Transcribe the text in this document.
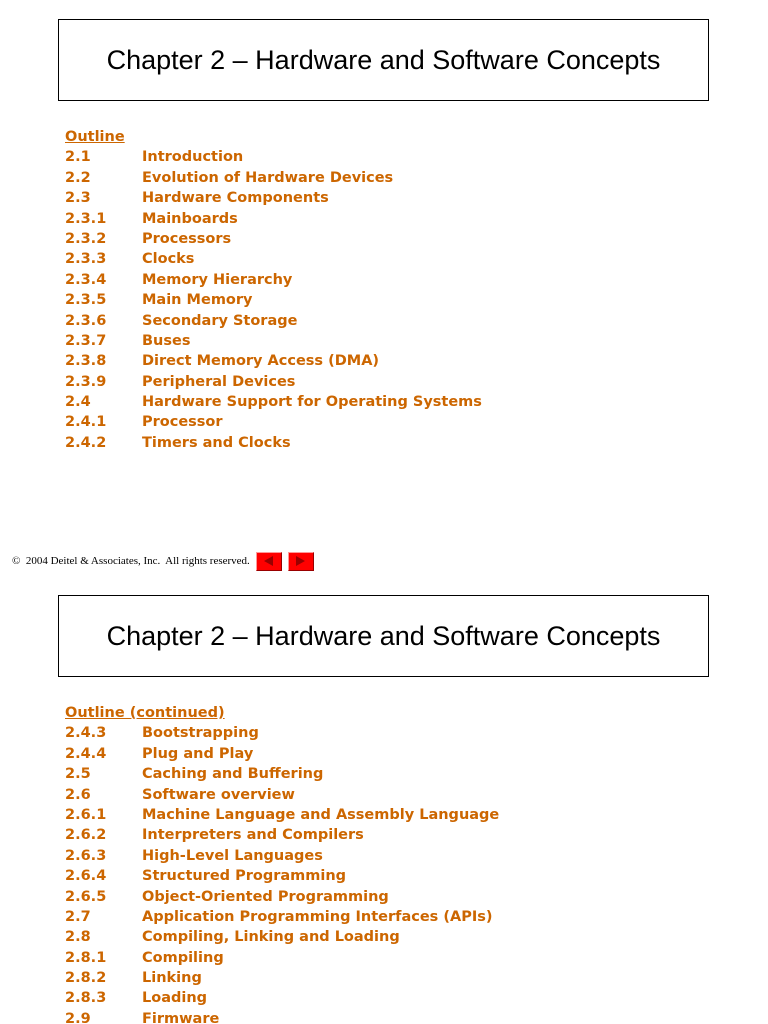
Chapter 2 – Hardware and Software Concepts
Outline
2.1	Introduction
2.2	Evolution of Hardware Devices
2.3	Hardware Components
2.3.1 Mainboards
2.3.2 Processors
2.3.3 Clocks
2.3.4 Memory Hierarchy
2.3.5 Main Memory
2.3.6 Secondary Storage
2.3.7 Buses
2.3.8 Direct Memory Access (DMA)
2.3.9 Peripheral Devices
2.4	Hardware Support for Operating Systems
2.4.1 Processor
2.4.2 Timers and Clocks
©  2004 Deitel & Associates, Inc.  All rights reserved.
Chapter 2 – Hardware and Software Concepts
Outline (continued)
2.4.3 Bootstrapping
2.4.4 Plug and Play
2.5	Caching and Buffering
2.6	Software overview
2.6.1 Machine Language and Assembly Language
2.6.2 Interpreters and Compilers
2.6.3 High-Level Languages
2.6.4 Structured Programming
2.6.5 Object-Oriented Programming
2.7	Application Programming Interfaces (APIs)
2.8	Compiling, Linking and Loading
2.8.1 Compiling
2.8.2 Linking
2.8.3 Loading
2.9	Firmware
